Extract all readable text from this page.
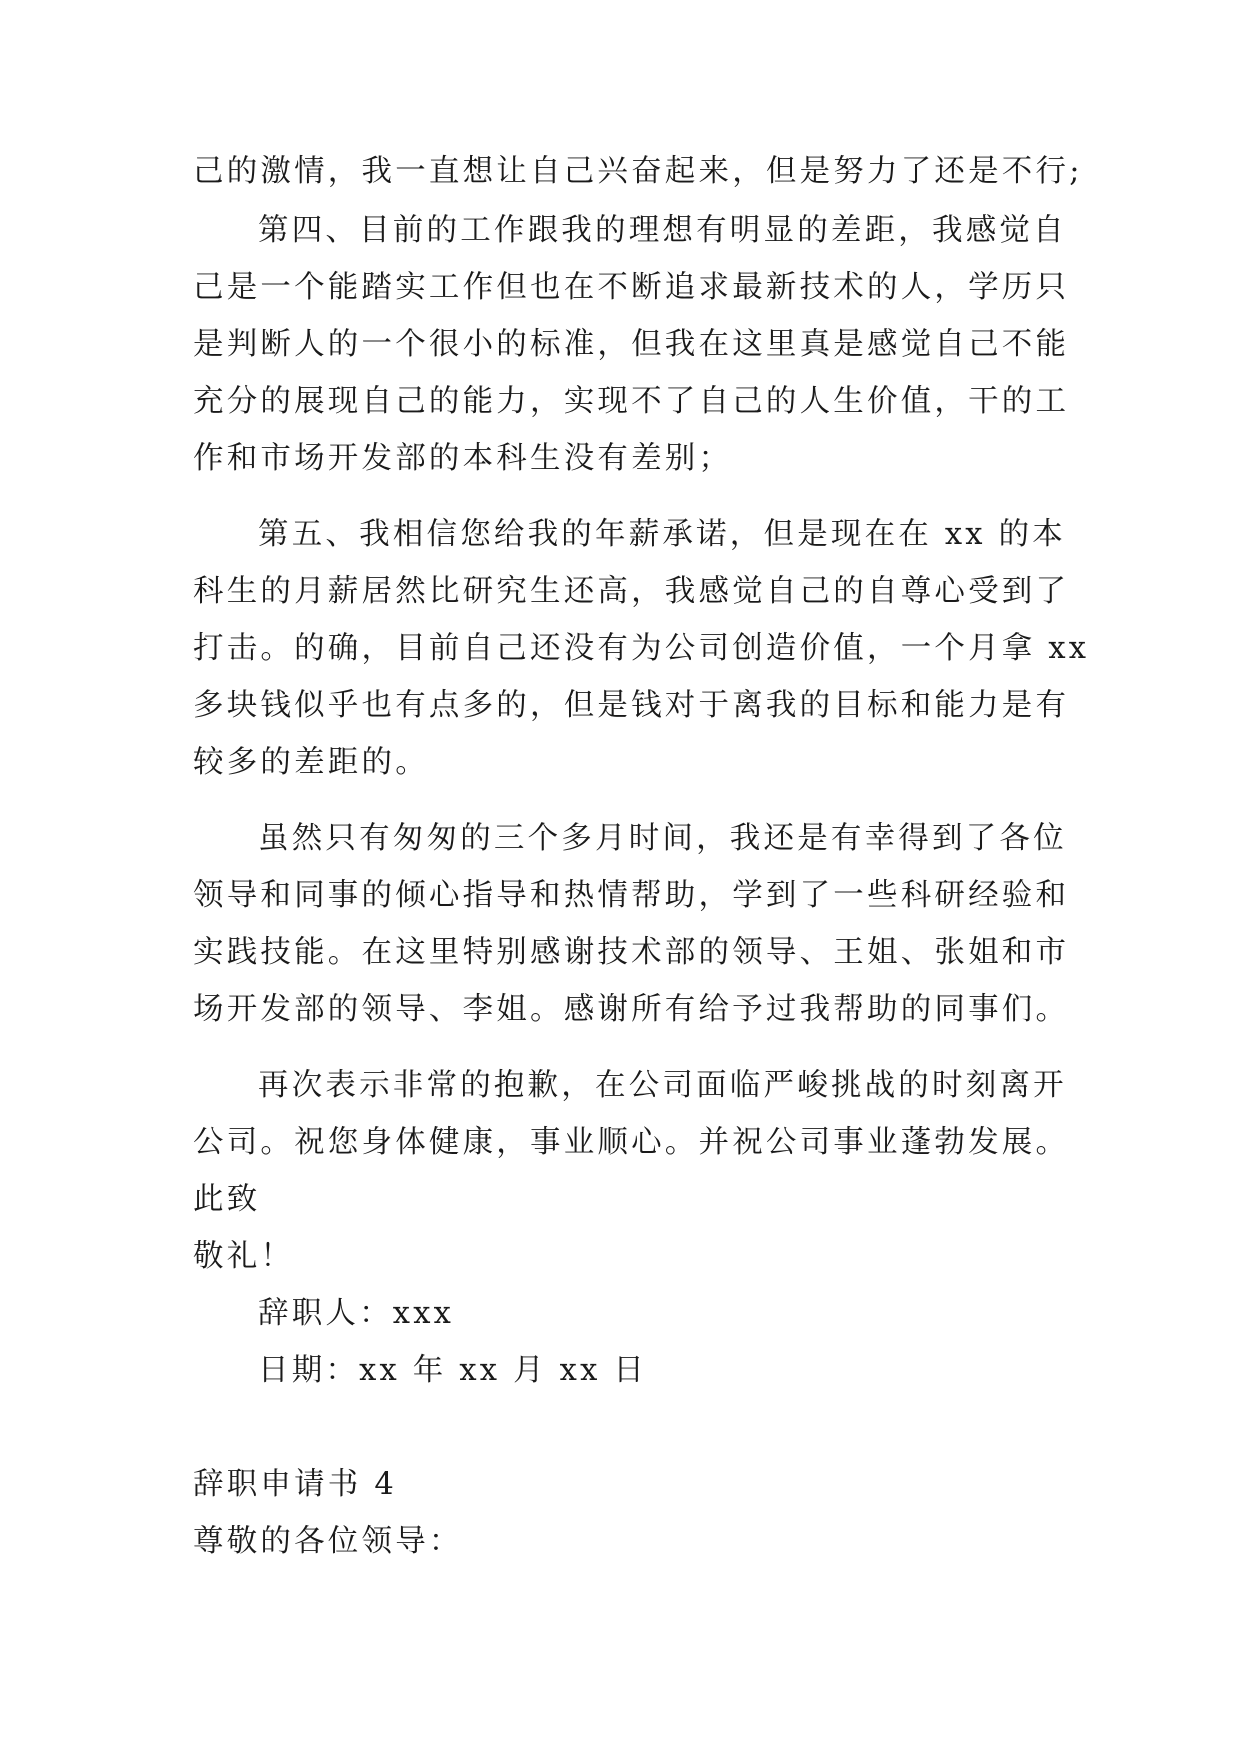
己的激情，我一直想让自己兴奋起来，但是努力了还是不行;
第四、目前的工作跟我的理想有明显的差距，我感觉自
己是一个能踏实工作但也在不断追求最新技术的人，学历只
是判断人的一个很小的标准，但我在这里真是感觉自己不能
充分的展现自己的能力，实现不了自己的人生价值，干的工
作和市场开发部的本科生没有差别；
第五、我相信您给我的年薪承诺，但是现在在 xx 的本
科生的月薪居然比研究生还高，我感觉自己的自尊心受到了
打击。的确，目前自己还没有为公司创造价值，一个月拿 xx
多块钱似乎也有点多的，但是钱对于离我的目标和能力是有
较多的差距的。
虽然只有匆匆的三个多月时间，我还是有幸得到了各位
领导和同事的倾心指导和热情帮助，学到了一些科研经验和
实践技能。在这里特别感谢技术部的领导、王姐、张姐和市
场开发部的领导、李姐。感谢所有给予过我帮助的同事们。
再次表示非常的抱歉，在公司面临严峻挑战的时刻离开
公司。祝您身体健康，事业顺心。并祝公司事业蓬勃发展。
此致
敬礼！
辞职人：xxx
日期：xx 年 xx 月 xx 日
辞职申请书 4
尊敬的各位领导：
